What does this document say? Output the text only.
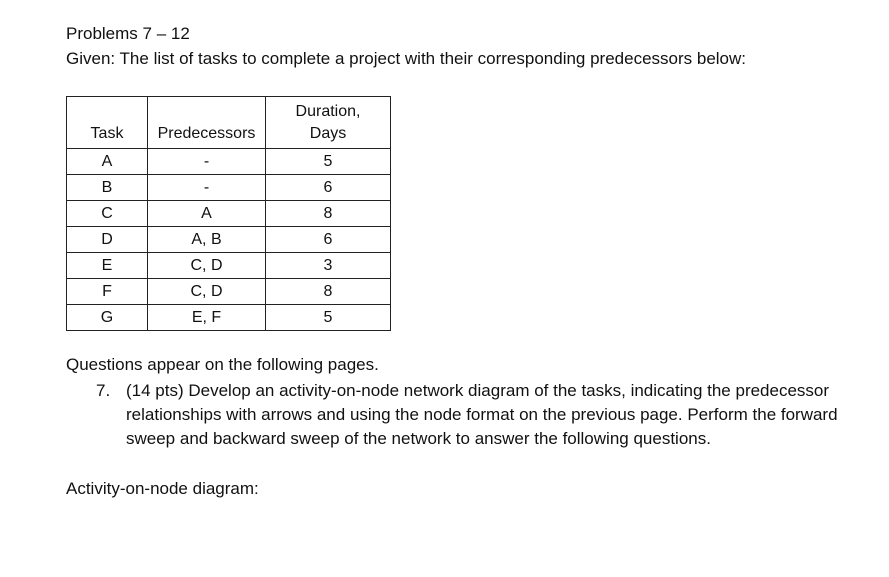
Problems 7 – 12
Given: The list of tasks to complete a project with their corresponding predecessors below:
Task	Predecessors	Duration,
Days
A	-	5
B	-	6
C	A	8
D	A, B	6
E	C, D	3
F	C, D	8
G	E, F	5
Questions appear on the following pages.
7. (14 pts) Develop an activity-on-node network diagram of the tasks, indicating the predecessor relationships with arrows and using the node format on the previous page. Perform the forward sweep and backward sweep of the network to answer the following questions.
Activity-on-node diagram:
